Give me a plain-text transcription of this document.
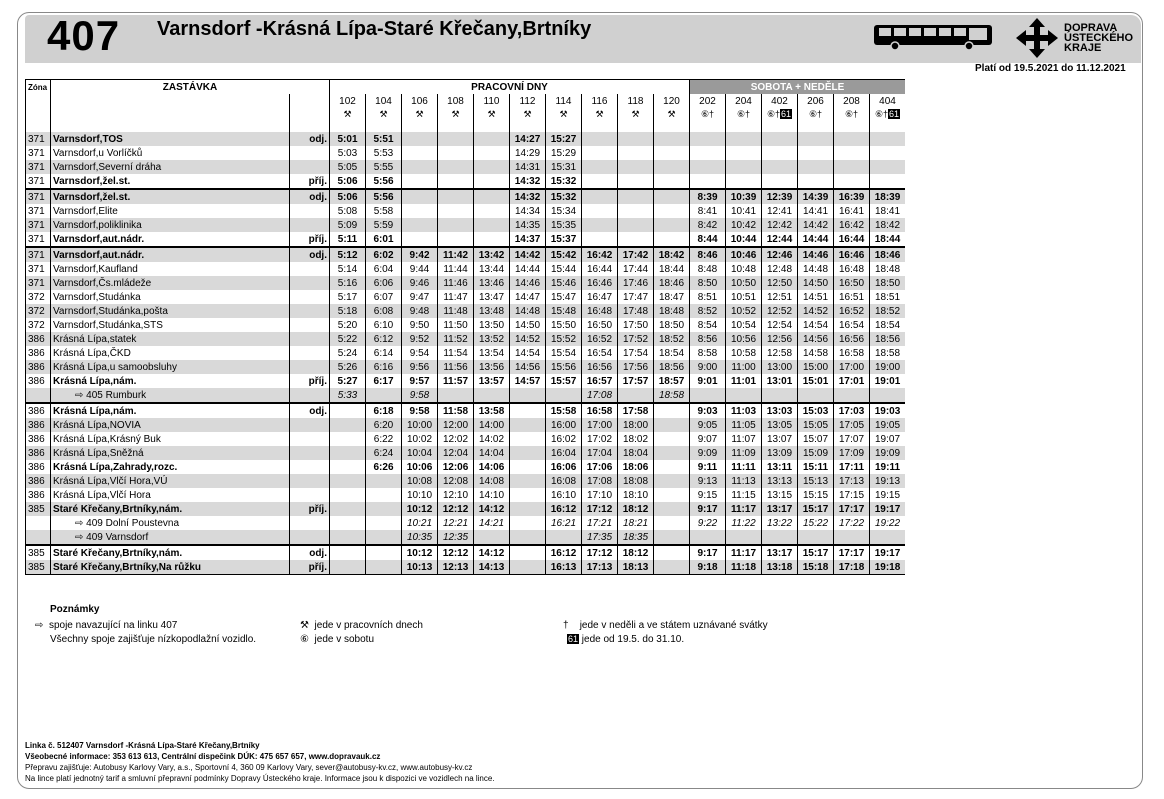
407 Varnsdorf -Krásná Lípa-Staré Křečany,Brtníky	DOPRAVA
ÚSTECKÉHO
KRAJE
Platí od 19.5.2021 do 11.12.2021
Zóna	ZASTÁVKA		PRACOVNÍ DNY										SOBOTA + NEDĚLE					
			102	104	106	108	110	112	114	116	118	120	202	204	402	206	208	404
			⚒	⚒	⚒	⚒	⚒	⚒	⚒	⚒	⚒	⚒	⑥†	⑥†	⑥†61	⑥†	⑥†	⑥†61
371	Varnsdorf,TOS	odj.	5:01	5:51				14:27	15:27									
371	Varnsdorf,u Vorlíčků		5:03	5:53				14:29	15:29									
371	Varnsdorf,Severní dráha		5:05	5:55				14:31	15:31									
371	Varnsdorf,žel.st.	příj.	5:06	5:56				14:32	15:32									
371	Varnsdorf,žel.st.	odj.	5:06	5:56				14:32	15:32				8:39	10:39	12:39	14:39	16:39	18:39
371	Varnsdorf,Elite		5:08	5:58				14:34	15:34				8:41	10:41	12:41	14:41	16:41	18:41
371	Varnsdorf,poliklinika		5:09	5:59				14:35	15:35				8:42	10:42	12:42	14:42	16:42	18:42
371	Varnsdorf,aut.nádr.	příj.	5:11	6:01				14:37	15:37				8:44	10:44	12:44	14:44	16:44	18:44
371	Varnsdorf,aut.nádr.	odj.	5:12	6:02	9:42	11:42	13:42	14:42	15:42	16:42	17:42	18:42	8:46	10:46	12:46	14:46	16:46	18:46
371	Varnsdorf,Kaufland		5:14	6:04	9:44	11:44	13:44	14:44	15:44	16:44	17:44	18:44	8:48	10:48	12:48	14:48	16:48	18:48
371	Varnsdorf,Čs.mládeže		5:16	6:06	9:46	11:46	13:46	14:46	15:46	16:46	17:46	18:46	8:50	10:50	12:50	14:50	16:50	18:50
372	Varnsdorf,Studánka		5:17	6:07	9:47	11:47	13:47	14:47	15:47	16:47	17:47	18:47	8:51	10:51	12:51	14:51	16:51	18:51
372	Varnsdorf,Studánka,pošta		5:18	6:08	9:48	11:48	13:48	14:48	15:48	16:48	17:48	18:48	8:52	10:52	12:52	14:52	16:52	18:52
372	Varnsdorf,Studánka,STS		5:20	6:10	9:50	11:50	13:50	14:50	15:50	16:50	17:50	18:50	8:54	10:54	12:54	14:54	16:54	18:54
386	Krásná Lípa,statek		5:22	6:12	9:52	11:52	13:52	14:52	15:52	16:52	17:52	18:52	8:56	10:56	12:56	14:56	16:56	18:56
386	Krásná Lípa,ČKD		5:24	6:14	9:54	11:54	13:54	14:54	15:54	16:54	17:54	18:54	8:58	10:58	12:58	14:58	16:58	18:58
386	Krásná Lípa,u samoobsluhy		5:26	6:16	9:56	11:56	13:56	14:56	15:56	16:56	17:56	18:56	9:00	11:00	13:00	15:00	17:00	19:00
386	Krásná Lípa,nám.	příj.	5:27	6:17	9:57	11:57	13:57	14:57	15:57	16:57	17:57	18:57	9:01	11:01	13:01	15:01	17:01	19:01
	⇨ 405 Rumburk		5:33		9:58					17:08		18:58						
386	Krásná Lípa,nám.	odj.		6:18	9:58	11:58	13:58		15:58	16:58	17:58		9:03	11:03	13:03	15:03	17:03	19:03
386	Krásná Lípa,NOVIA			6:20	10:00	12:00	14:00		16:00	17:00	18:00		9:05	11:05	13:05	15:05	17:05	19:05
386	Krásná Lípa,Krásný Buk			6:22	10:02	12:02	14:02		16:02	17:02	18:02		9:07	11:07	13:07	15:07	17:07	19:07
386	Krásná Lípa,Sněžná			6:24	10:04	12:04	14:04		16:04	17:04	18:04		9:09	11:09	13:09	15:09	17:09	19:09
386	Krásná Lípa,Zahrady,rozc.			6:26	10:06	12:06	14:06		16:06	17:06	18:06		9:11	11:11	13:11	15:11	17:11	19:11
386	Krásná Lípa,Vlčí Hora,VÚ				10:08	12:08	14:08		16:08	17:08	18:08		9:13	11:13	13:13	15:13	17:13	19:13
386	Krásná Lípa,Vlčí Hora				10:10	12:10	14:10		16:10	17:10	18:10		9:15	11:15	13:15	15:15	17:15	19:15
385	Staré Křečany,Brtníky,nám.	příj.			10:12	12:12	14:12		16:12	17:12	18:12		9:17	11:17	13:17	15:17	17:17	19:17
	⇨ 409 Dolní Poustevna				10:21	12:21	14:21		16:21	17:21	18:21		9:22	11:22	13:22	15:22	17:22	19:22
	⇨ 409 Varnsdorf				10:35	12:35				17:35	18:35							
385	Staré Křečany,Brtníky,nám.	odj.			10:12	12:12	14:12		16:12	17:12	18:12		9:17	11:17	13:17	15:17	17:17	19:17
385	Staré Křečany,Brtníky,Na růžku	příj.			10:13	12:13	14:13		16:13	17:13	18:13		9:18	11:18	13:18	15:18	17:18	19:18
Poznámky
⇨ spoje navazující na linku 407
Všechny spoje zajišťuje nízkopodlažní vozidlo.
⚒ jede v pracovních dnech
⑥ jede v sobotu
† jede v neděli a ve státem uznávané svátky
61 jede od 19.5. do 31.10.
Linka č. 512407 Varnsdorf -Krásná Lípa-Staré Křečany,Brtníky
Všeobecné informace: 353 613 613, Centrální dispečink DÚK: 475 657 657, www.dopravauk.cz
Přepravu zajišťuje: Autobusy Karlovy Vary, a.s., Sportovní 4, 360 09 Karlovy Vary, sever@autobusy-kv.cz, www.autobusy-kv.cz
Na lince platí jednotný tarif a smluvní přepravní podmínky Dopravy Ústeckého kraje. Informace jsou k dispozici ve vozidlech na lince.
